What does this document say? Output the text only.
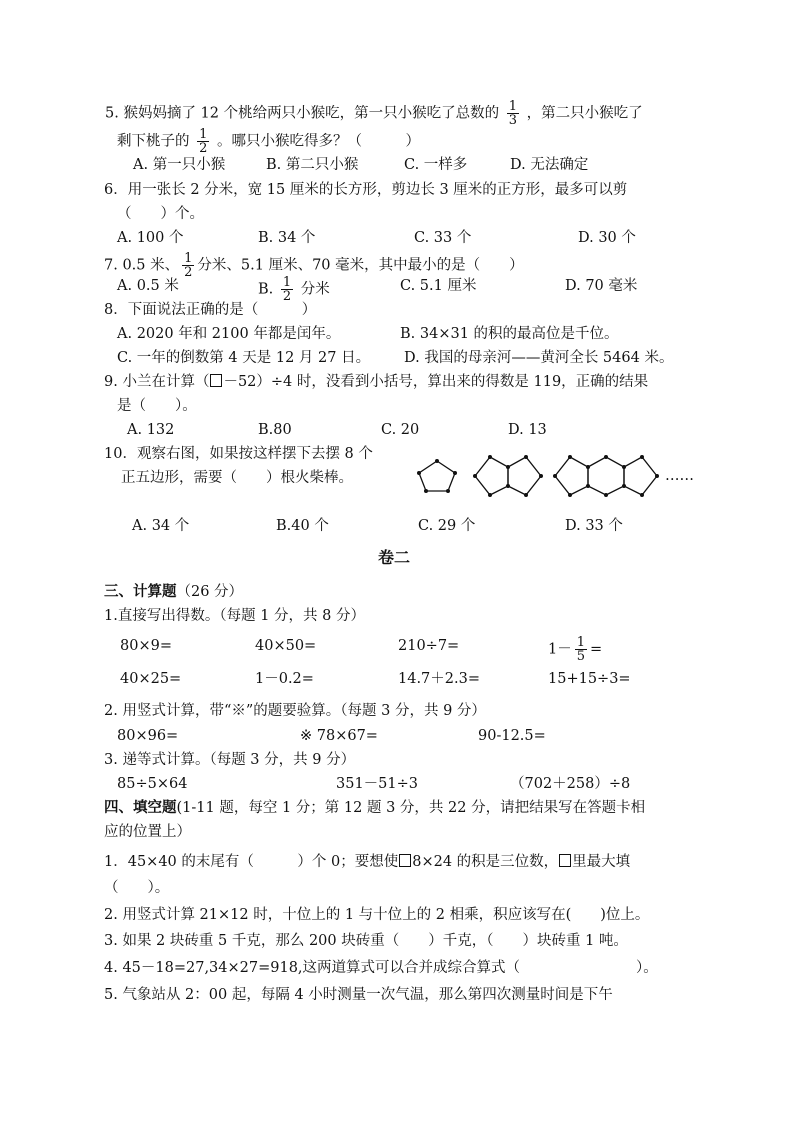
5. 猴妈妈摘了 12 个桃给两只小猴吃，第一只小猴吃了总数的 $\frac{1}{3}$ ，第二只小猴吃了
剩下桃子的 $\frac{1}{2}$ 。哪只小猴吃得多？（　　　）
A. 第一只小猴	B. 第二只小猴	C. 一样多	D. 无法确定
6．用一张长 2 分米，宽 15 厘米的长方形，剪边长 3 厘米的正方形，最多可以剪
（　　）个。
A. 100 个	B. 34 个	C. 33 个	D. 30 个
7. 0.5 米、 $\frac{1}{2}$ 分米、5.1 厘米、70 毫米，其中最小的是（　　）
A. 0.5 米	B. $\frac{1}{2}$ 分米	C. 5.1 厘米	D. 70 毫米
8．下面说法正确的是（　　　）
A. 2020 年和 2100 年都是闰年。	B. 34×31 的积的最高位是千位。
C. 一年的倒数第 4 天是 12 月 27 日。 D. 我国的母亲河——黄河全长 5464 米。
9. 小兰在计算（ －52）÷4 时，没看到小括号，算出来的得数是 119，正确的结果
是（　　）。
A. 132	B.80	C. 20	D. 13
10．观察右图，如果按这样摆下去摆 8 个
正五边形，需要（　　）根火柴棒。	……
A. 34 个	B.40 个	C. 29 个	D. 33 个
卷二
三、计算题（26 分）
1.直接写出得数。（每题 1 分，共 8 分）
80×9=	40×50=	210÷7=	$1- \frac{1}{5}$ =
40×25=	1－0.2=	14.7＋2.3=	15+15÷3=
2. 用竖式计算，带“※”的题要验算。（每题 3 分，共 9 分）
80×96=	※ 78×67=	90-12.5=
3. 递等式计算。（每题 3 分，共 9 分）
85÷5×64	351－51÷3	（702＋258）÷8
四、填空题(1-11 题，每空 1 分；第 12 题 3 分，共 22 分，请把结果写在答题卡相
应的位置上）
1．45×40 的末尾有（　　　）个 0；要想使 8×24 的积是三位数， 里最大填
（　　）。
2. 用竖式计算 21×12 时，十位上的 1 与十位上的 2 相乘，积应该写在(　　)位上。
3. 如果 2 块砖重 5 千克，那么 200 块砖重（　　）千克，（　　）块砖重 1 吨。
4. 45－18=27,34×27=918,这两道算式可以合并成综合算式（　　　　　　　　）。
5. 气象站从 2：00 起，每隔 4 小时测量一次气温，那么第四次测量时间是下午
